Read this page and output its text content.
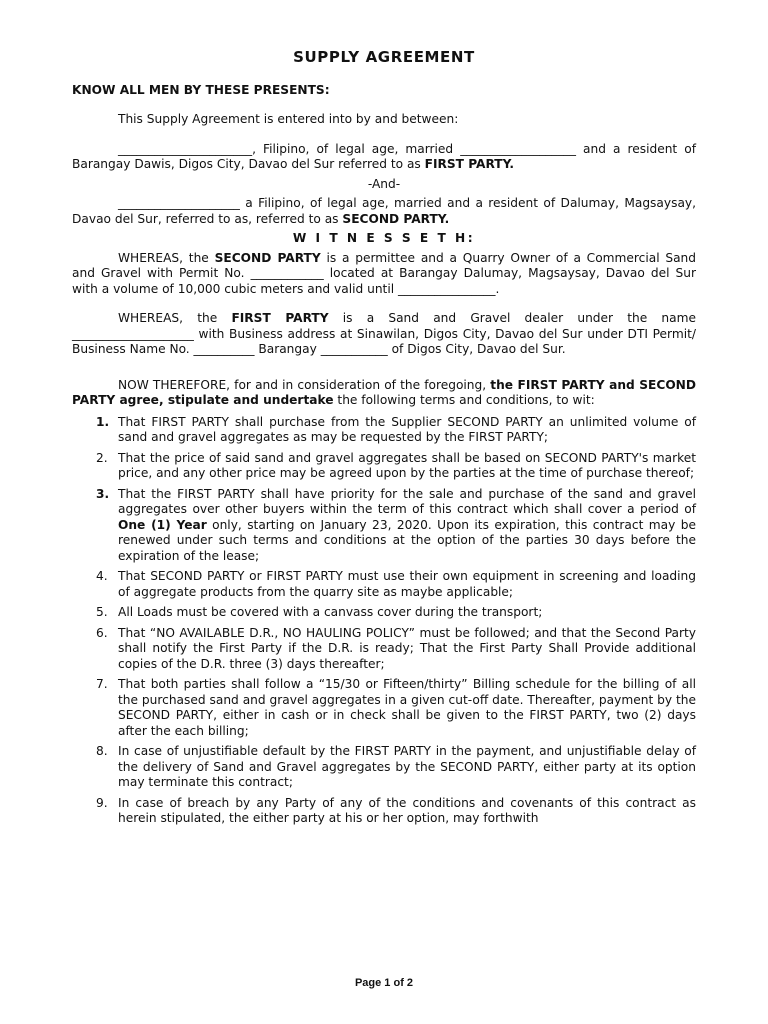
SUPPLY AGREEMENT
KNOW ALL MEN BY THESE PRESENTS:

This Supply Agreement is entered into by and between:

______________________, Filipino, of legal age, married ___________________ and a resident of Barangay Dawis, Digos City, Davao del Sur referred to as FIRST PARTY.

-And-

____________________ a Filipino, of legal age, married and a resident of Dalumay, Magsaysay, Davao del Sur, referred to as, referred to as SECOND PARTY.

W I T N E S S E T H:

WHEREAS, the SECOND PARTY is a permittee and a Quarry Owner of a Commercial Sand and Gravel with Permit No. ____________ located at Barangay Dalumay, Magsaysay, Davao del Sur with a volume of 10,000 cubic meters and valid until ________________.

WHEREAS, the FIRST PARTY is a Sand and Gravel dealer under the name ____________________ with Business address at Sinawilan, Digos City, Davao del Sur under DTI Permit/ Business Name No. __________ Barangay ___________ of Digos City, Davao del Sur.

NOW THEREFORE, for and in consideration of the foregoing, the FIRST PARTY and SECOND PARTY agree, stipulate and undertake the following terms and conditions, to wit:

1. That FIRST PARTY shall purchase from the Supplier SECOND PARTY an unlimited volume of sand and gravel aggregates as may be requested by the FIRST PARTY;
2. That the price of said sand and gravel aggregates shall be based on SECOND PARTY's market price, and any other price may be agreed upon by the parties at the time of purchase thereof;
3. That the FIRST PARTY shall have priority for the sale and purchase of the sand and gravel aggregates over other buyers within the term of this contract which shall cover a period of One (1) Year only, starting on January 23, 2020. Upon its expiration, this contract may be renewed under such terms and conditions at the option of the parties 30 days before the expiration of the lease;
4. That SECOND PARTY or FIRST PARTY must use their own equipment in screening and loading of aggregate products from the quarry site as maybe applicable;
5. All Loads must be covered with a canvass cover during the transport;
6. That “NO AVAILABLE D.R., NO HAULING POLICY” must be followed; and that the Second Party shall notify the First Party if the D.R. is ready; That the First Party Shall Provide additional copies of the D.R. three (3) days thereafter;
7. That both parties shall follow a “15/30 or Fifteen/thirty” Billing schedule for the billing of all the purchased sand and gravel aggregates in a given cut-off date. Thereafter, payment by the SECOND PARTY, either in cash or in check shall be given to the FIRST PARTY, two (2) days after the each billing;
8. In case of unjustifiable default by the FIRST PARTY in the payment, and unjustifiable delay of the delivery of Sand and Gravel aggregates by the SECOND PARTY, either party at its option may terminate this contract;
9. In case of breach by any Party of any of the conditions and covenants of this contract as herein stipulated, the either party at his or her option, may forthwith
Page 1 of 2
